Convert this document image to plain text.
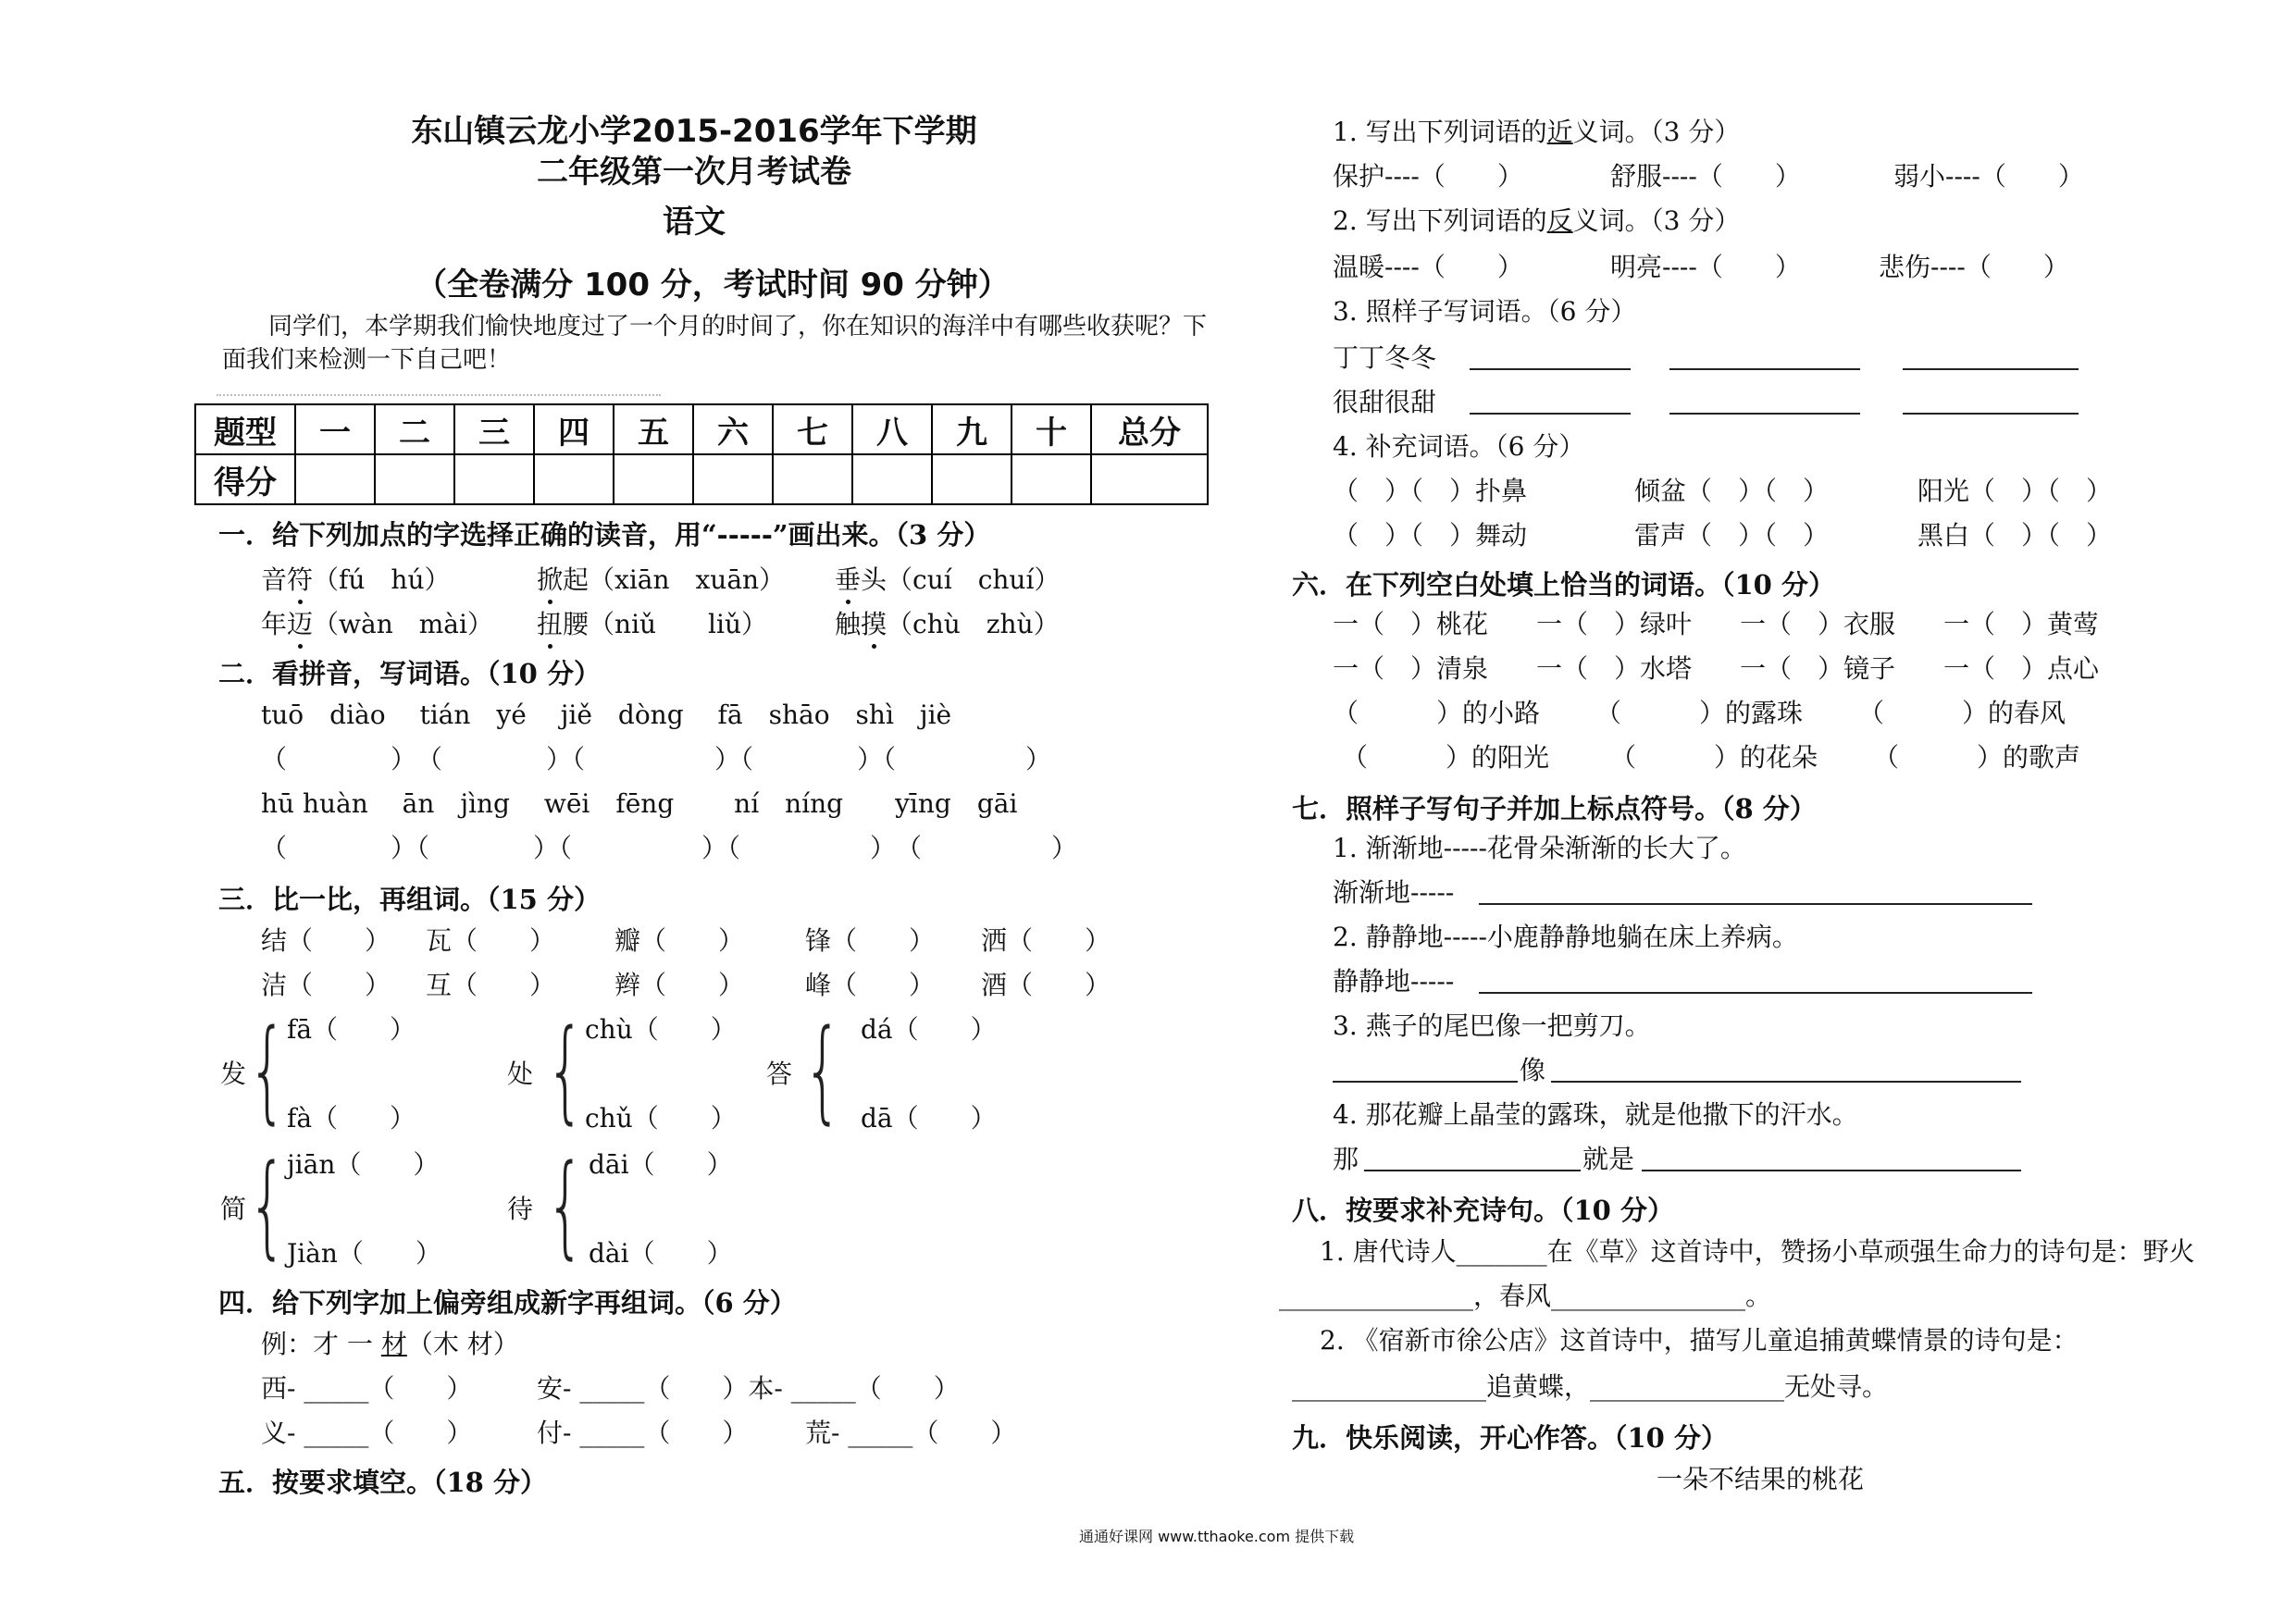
东山镇云龙小学2015-2016学年下学期
二年级第一次月考试卷
语文
（全卷满分 100 分，考试时间 90 分钟）
同学们，本学期我们愉快地度过了一个月的时间了，你在知识的海洋中有哪些收获呢？下
面我们来检测一下自己吧！
题型	一	二	三	四	五	六	七	八	九	十	总分
得分											
一．给下列加点的字选择正确的读音，用“-----”画出来。（3 分）
音符（fú　hú）	掀起（xiān　xuān） 垂头（cuí　chuí）
年迈（wàn　mài） 扭腰（niǔ　　liǔ）	触摸（chù　zhù）
二．看拼音，写词语。（10 分）
tuō　diào　 tián　yé　 jiě　dòng　 fā　shāo　shì　jiè
（　　　　）　（　　　　）（　　　　　）（　　　　）（　　　　　）
hū huàn　 ān　jìng　 wēi　fēng　　 ní　níng　　yīng　gāi
（　　　　）（　　　　）（　　　　　）（　　　　　）　（　　　　　）
三．比一比，再组词。（15 分）
结（　　） 瓦（　　） 瓣（　　） 锋（　　） 洒（　　）
洁（　　） 互（　　） 辫（　　） 峰（　　） 酒（　　）
发 { fā（　　）
fà（　　）
处 { chù（　　）
chǔ（　　）
答 { dá（　　）
dā（　　）
简 { jiān（　　）
Jiàn（　　）
待 { dāi（　　）
dài（　　）
四．给下列字加上偏旁组成新字再组词。（6 分）
例：才 一 材（木 材）
西- _____（　　） 安- _____（　　）本- _____（　　）
义- _____（　　） 付- _____（　　） 荒- _____（　　）
五．按要求填空。（18 分）
1. 写出下列词语的近义词。（3 分）
保护----（　　）	舒服----（　　）	弱小----（　　）
2. 写出下列词语的反义词。（3 分）
温暖----（　　）	明亮----（　　）	悲伤----（　　）
3. 照样子写词语。（6 分）
丁丁冬冬
很甜很甜
4. 补充词语。（6 分）
（　）（　）扑鼻	倾盆（　）（　）	阳光（　）（　）
（　）（　）舞动	雷声（　）（　）	黑白（　）（　）
六．在下列空白处填上恰当的词语。（10 分）
一（　）桃花 一（　）绿叶 一（　）衣服 一（　）黄莺
一（　）清泉 一（　）水塔 一（　）镜子 一（　）点心
（　　　）的小路 （　　　）的露珠 （　　　）的春风
（　　　）的阳光 （　　　）的花朵 （　　　）的歌声
七．照样子写句子并加上标点符号。（8 分）
1. 渐渐地-----花骨朵渐渐的长大了。
渐渐地-----
2. 静静地-----小鹿静静地躺在床上养病。
静静地-----
3. 燕子的尾巴像一把剪刀。
像
4. 那花瓣上晶莹的露珠，就是他撒下的汗水。
那	就是
八．按要求补充诗句。（10 分）
1. 唐代诗人_______在《草》这首诗中，赞扬小草顽强生命力的诗句是：野火
_______________，春风_______________。
2. 《宿新市徐公店》这首诗中，描写儿童追捕黄蝶情景的诗句是：
_______________追黄蝶，_______________无处寻。
九．快乐阅读，开心作答。（10 分）
一朵不结果的桃花
通通好课网 www.tthaoke.com 提供下载
